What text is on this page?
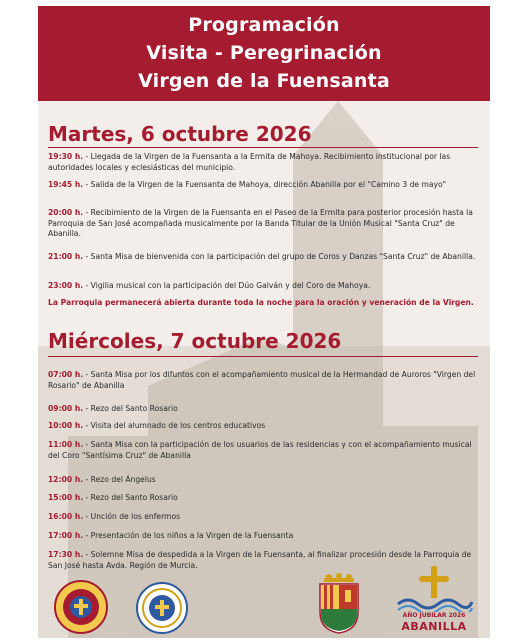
Programación
Visita - Peregrinación
Virgen de la Fuensanta
Martes, 6 octubre 2026
19:30 h. - Llegada de la Virgen de la Fuensanta a la Ermita de Mahoya. Recibimiento institucional por las autoridades locales y eclesiásticas del municipio.
19:45 h. - Salida de la Virgen de la Fuensanta de Mahoya, dirección Abanilla por el "Camino 3 de mayo"
20:00 h. - Recibimiento de la Virgen de la Fuensanta en el Paseo de la Ermita para posterior procesión hasta la Parroquia de San José acompañada musicalmente por la Banda Titular de la Unión Musical "Santa Cruz" de Abanilla.
21:00 h. - Santa Misa de bienvenida con la participación del grupo de Coros y Danzas "Santa Cruz" de Abanilla.
23:00 h. - Vigilia musical con la participación del Dúo Galván y del Coro de Mahoya.
La Parroquia permanecerá abierta durante toda la noche para la oración y veneración de la Virgen.
Miércoles, 7 octubre 2026
07:00 h. - Santa Misa por los difuntos con el acompañamiento musical de la Hermandad de Auroros "Virgen del Rosario" de Abanilla
09:00 h. - Rezo del Santo Rosario
10:00 h. - Visita del alumnado de los centros educativos
11:00 h. - Santa Misa con la participación de los usuarios de las residencias y con el acompañamiento musical del Coro "Santísima Cruz" de Abanilla
12:00 h. - Rezo del Ángelus
15:00 h. - Rezo del Santo Rosario
16:00 h. - Unción de los enfermos
17:00 h. - Presentación de los niños a la Virgen de la Fuensanta
17:30 h. - Solemne Misa de despedida a la Virgen de la Fuensanta, al finalizar procesión desde la Parroquia de San José hasta Avda. Región de Murcia.
AÑO JUBILAR 2026
ABANILLA
